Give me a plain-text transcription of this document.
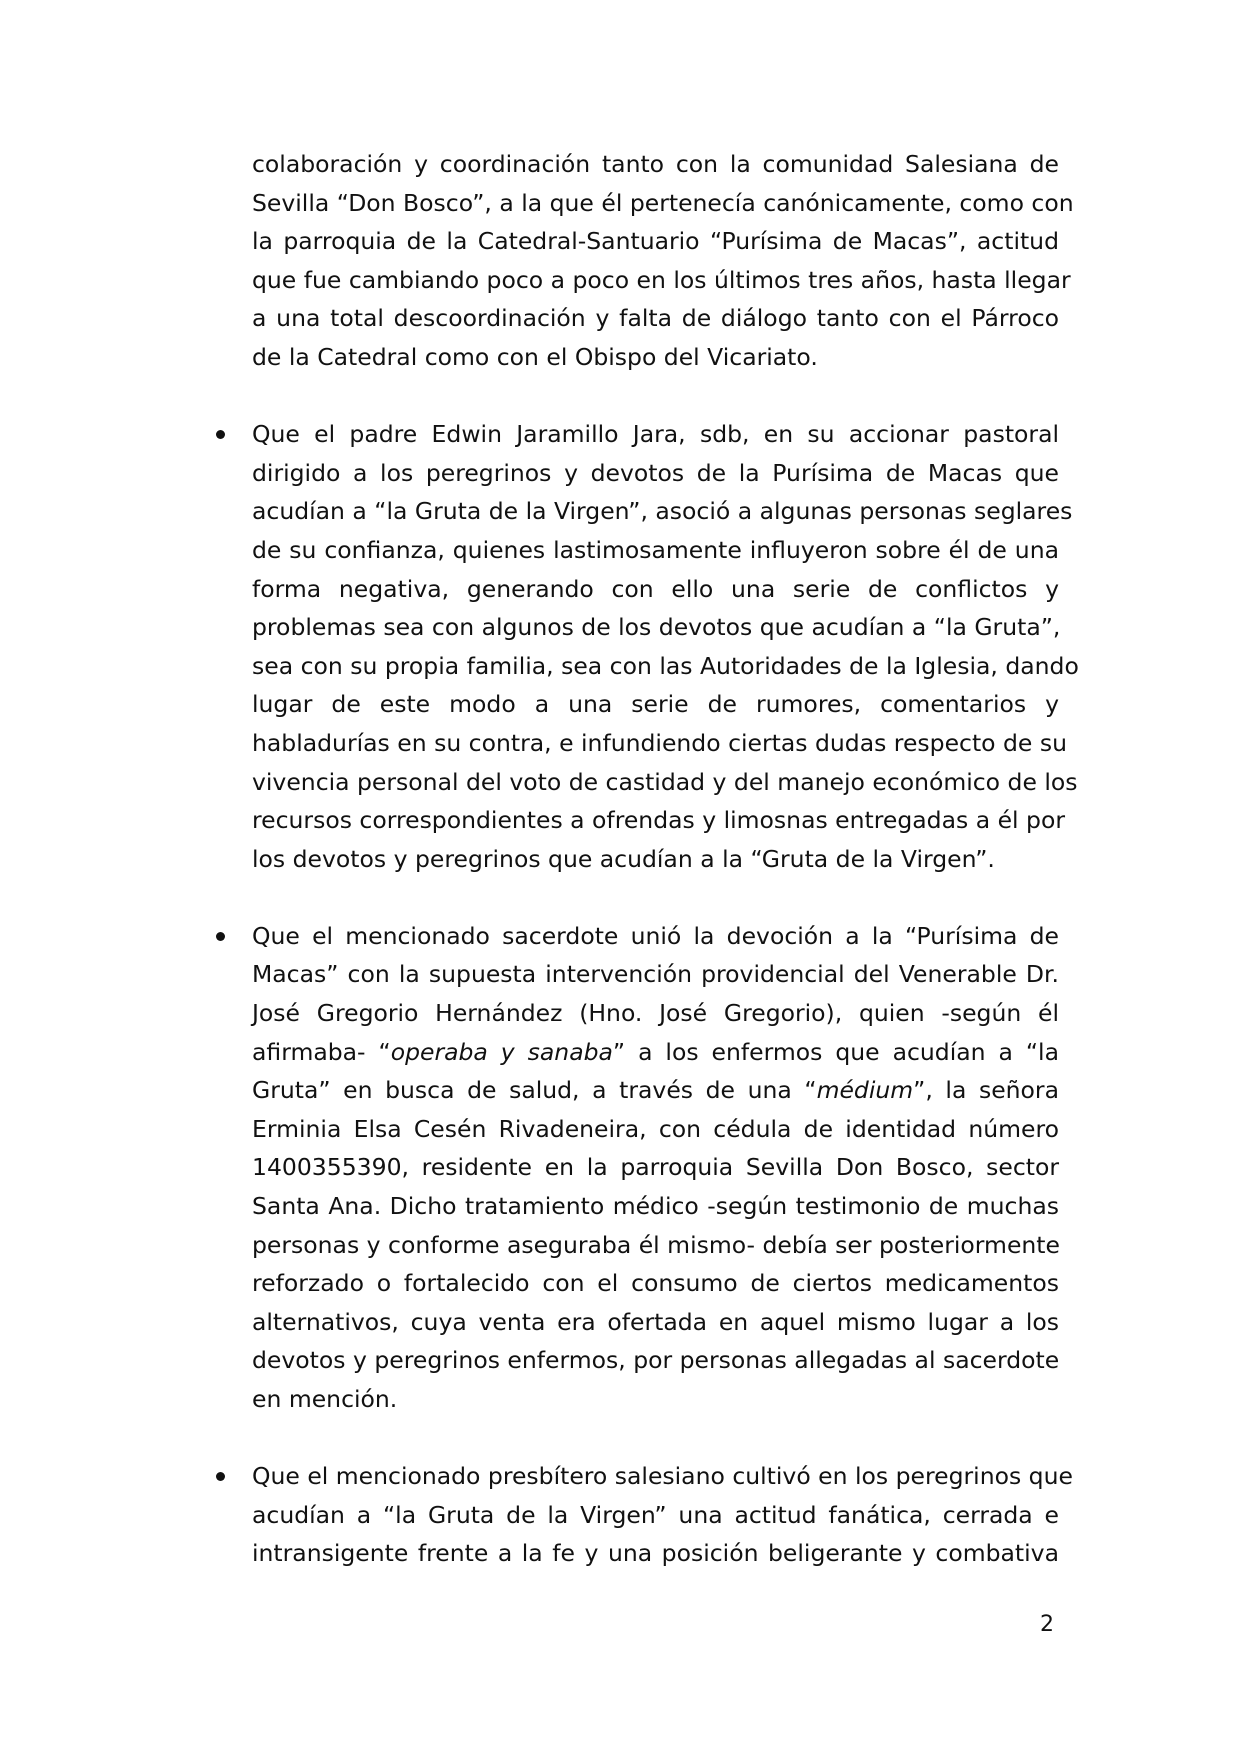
colaboración y coordinación tanto con la comunidad Salesiana de
Sevilla “Don Bosco”, a la que él pertenecía canónicamente, como con
la parroquia de la Catedral-Santuario “Purísima de Macas”, actitud
que fue cambiando poco a poco en los últimos tres años, hasta llegar
a una total descoordinación y falta de diálogo tanto con el Párroco
de la Catedral como con el Obispo del Vicariato.

Que el padre Edwin Jaramillo Jara, sdb, en su accionar pastoral
dirigido a los peregrinos y devotos de la Purísima de Macas que
acudían a “la Gruta de la Virgen”, asoció a algunas personas seglares
de su confianza, quienes lastimosamente influyeron sobre él de una
forma negativa, generando con ello una serie de conflictos y
problemas sea con algunos de los devotos que acudían a “la Gruta”,
sea con su propia familia, sea con las Autoridades de la Iglesia, dando
lugar de este modo a una serie de rumores, comentarios y
habladurías en su contra, e infundiendo ciertas dudas respecto de su
vivencia personal del voto de castidad y del manejo económico de los
recursos correspondientes a ofrendas y limosnas entregadas a él por
los devotos y peregrinos que acudían a la “Gruta de la Virgen”.

Que el mencionado sacerdote unió la devoción a la “Purísima de
Macas” con la supuesta intervención providencial del Venerable Dr.
José Gregorio Hernández (Hno. José Gregorio), quien -según él
afirmaba- “operaba y sanaba” a los enfermos que acudían a “la
Gruta” en busca de salud, a través de una “médium”, la señora
Erminia Elsa Cesén Rivadeneira, con cédula de identidad número
1400355390, residente en la parroquia Sevilla Don Bosco, sector
Santa Ana. Dicho tratamiento médico -según testimonio de muchas
personas y conforme aseguraba él mismo- debía ser posteriormente
reforzado o fortalecido con el consumo de ciertos medicamentos
alternativos, cuya venta era ofertada en aquel mismo lugar a los
devotos y peregrinos enfermos, por personas allegadas al sacerdote
en mención.

Que el mencionado presbítero salesiano cultivó en los peregrinos que
acudían a “la Gruta de la Virgen” una actitud fanática, cerrada e
intransigente frente a la fe y una posición beligerante y combativa

2
